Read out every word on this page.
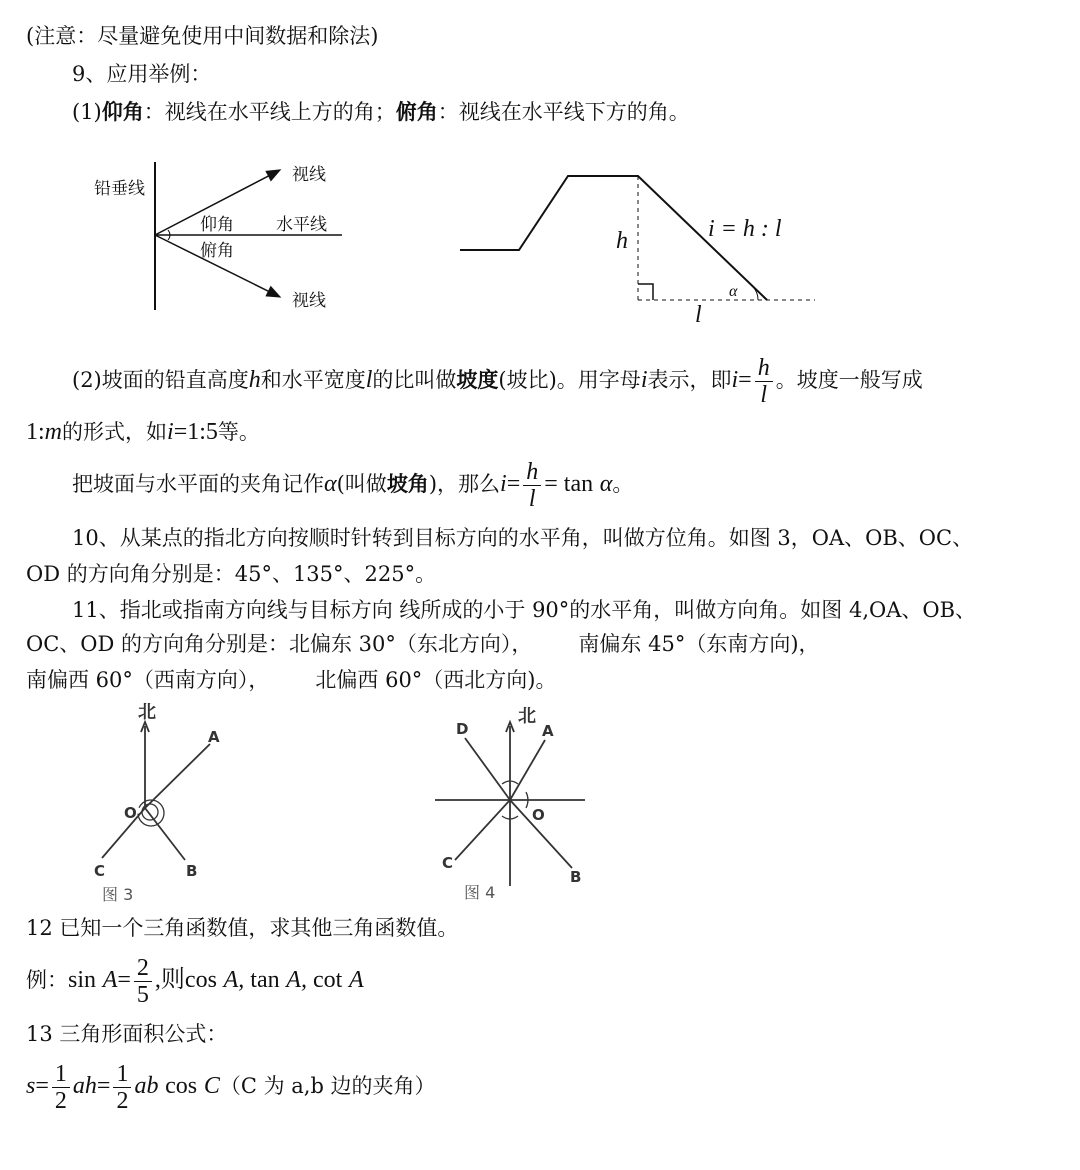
(注意：尽量避免使用中间数据和除法)
9、应用举例：
(1)仰角：视线在水平线上方的角；俯角：视线在水平线下方的角。
铅垂线
视线
水平线
仰角
俯角
视线
h	i = h : l
α
l
(2)坡面的铅直高度h和水平宽度l的比叫做坡度(坡比)。用字母i表示，即$i= \frac{h}{l}$ 。坡度一般写成
1:m的形式，如i=1:5等。
把坡面与水平面的夹角记作α(叫做坡角)，那么$i= \frac{h}{l} = \tan \alpha$。
10、从某点的指北方向按顺时针转到目标方向的水平角，叫做方位角。如图 3，OA、OB、OC、
OD 的方向角分别是：45°、135°、225°。
11、指北或指南方向线与目标方向 线所成的小于 90°的水平角，叫做方向角。如图 4,OA、OB、
OC、OD 的方向角分别是：北偏东 30°（东北方向）， 南偏东 45°（东南方向)，
南偏西 60°（西南方向）， 北偏西 60°（西北方向)。
北
A
O
C	B
图 3
北
D	A
O
C
B
图 4
12 已知一个三角函数值，求其他三角函数值。
例：$\sin A= \frac{2}{5}$ ,则cos A, tan A, cot A
13 三角形面积公式：
$s= \frac{1}{2} ah= \frac{1}{2}$ ab cos C（C 为 a,b 边的夹角）
